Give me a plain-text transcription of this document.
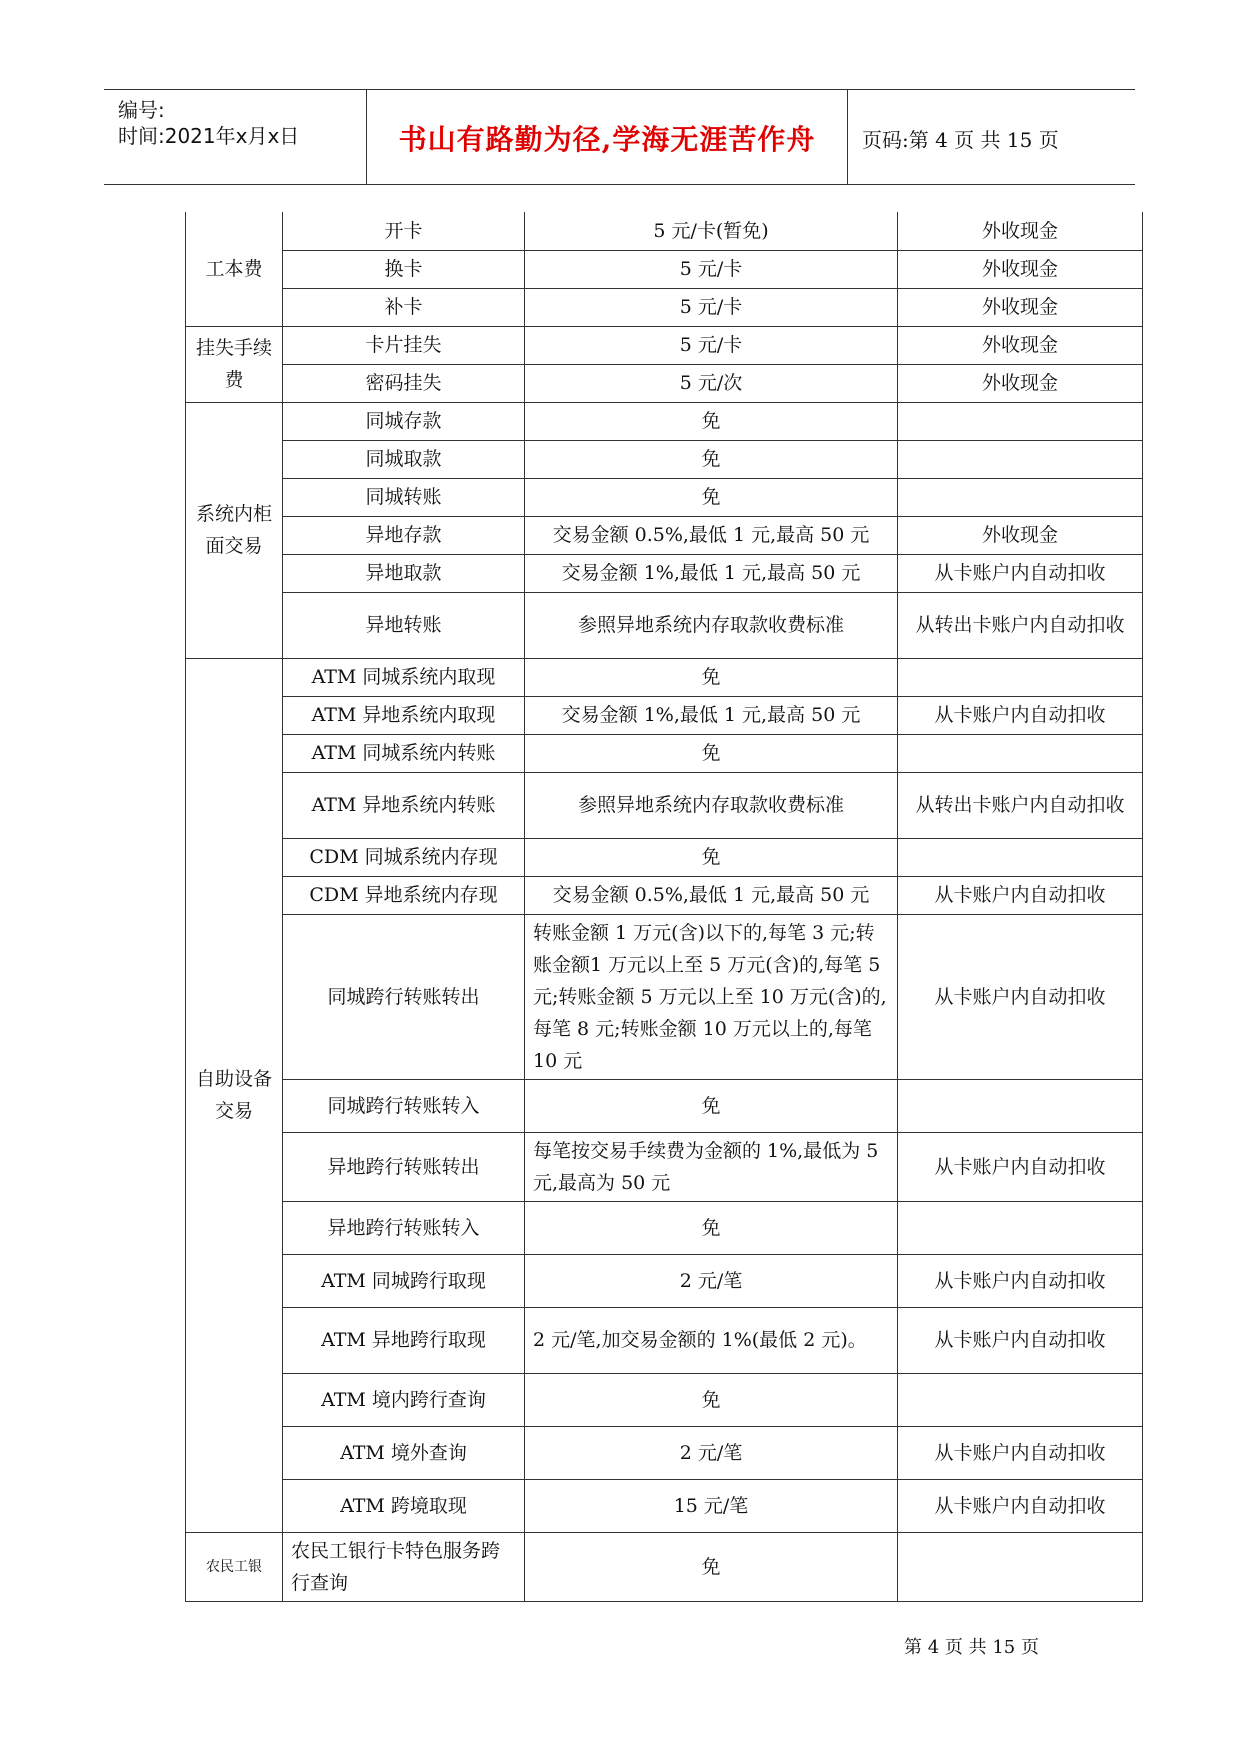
编号:
时间:2021年x月x日	书山有路勤为径,学海无涯苦作舟	页码:第 4 页 共 15 页
工本费	开卡	5 元/卡(暂免)	外收现金
	换卡	5 元/卡	外收现金
	补卡	5 元/卡	外收现金
挂失手续费	卡片挂失	5 元/卡	外收现金
	密码挂失	5 元/次	外收现金
系统内柜面交易	同城存款	免	
	同城取款	免	
	同城转账	免	
	异地存款	交易金额 0.5%,最低 1 元,最高 50 元	外收现金
	异地取款	交易金额 1%,最低 1 元,最高 50 元	从卡账户内自动扣收
	异地转账	参照异地系统内存取款收费标准	从转出卡账户内自动扣收
自助设备交易	ATM 同城系统内取现	免	
	ATM 异地系统内取现	交易金额 1%,最低 1 元,最高 50 元	从卡账户内自动扣收
	ATM 同城系统内转账	免	
	ATM 异地系统内转账	参照异地系统内存取款收费标准	从转出卡账户内自动扣收
	CDM 同城系统内存现	免	
	CDM 异地系统内存现	交易金额 0.5%,最低 1 元,最高 50 元	从卡账户内自动扣收
	同城跨行转账转出	转账金额 1 万元(含)以下的,每笔 3 元;转账金额1 万元以上至 5 万元(含)的,每笔 5 元;转账金额 5 万元以上至 10 万元(含)的,每笔 8 元;转账金额 10 万元以上的,每笔 10 元	从卡账户内自动扣收
	同城跨行转账转入	免	
	异地跨行转账转出	每笔按交易手续费为金额的 1%,最低为 5 元,最高为 50 元	从卡账户内自动扣收
	异地跨行转账转入	免	
	ATM 同城跨行取现	2 元/笔	从卡账户内自动扣收
	ATM 异地跨行取现	2 元/笔,加交易金额的 1%(最低 2 元)。	从卡账户内自动扣收
	ATM 境内跨行查询	免	
	ATM 境外查询	2 元/笔	从卡账户内自动扣收
	ATM 跨境取现	15 元/笔	从卡账户内自动扣收
农民工银	农民工银行卡特色服务跨行查询	免	
第 4 页 共 15 页
